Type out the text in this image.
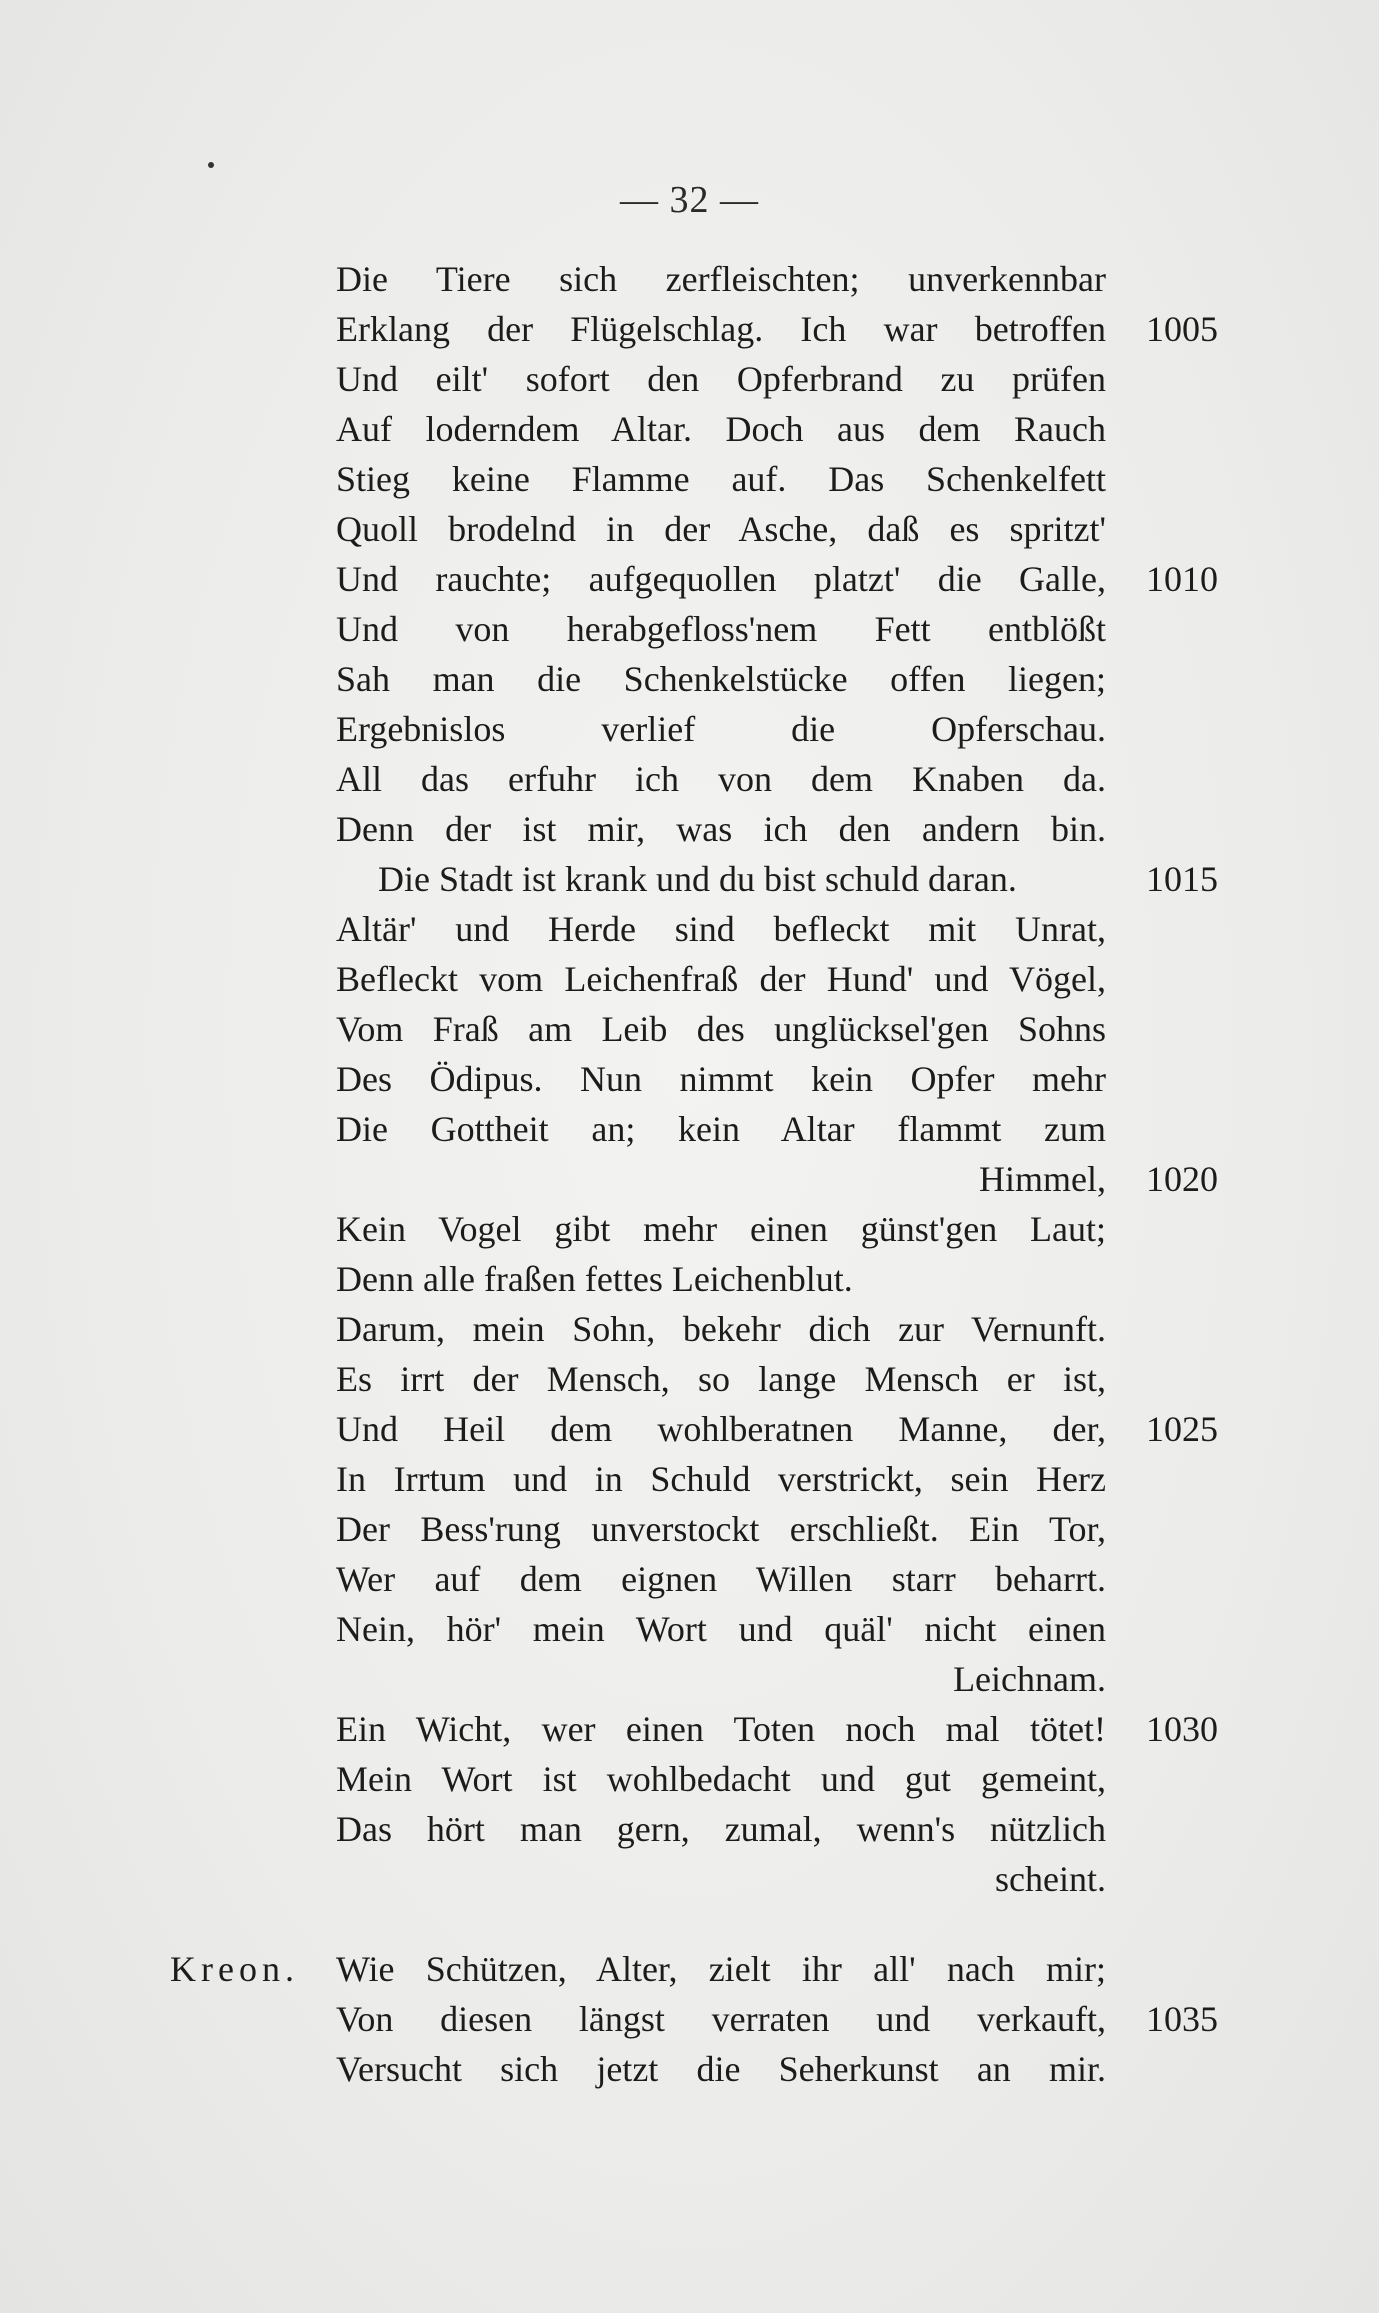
— 32 —
Die Tiere sich zerfleischten; unverkennbar
Erklang der Flügelschlag. Ich war betroffen	1005
Und eilt' sofort den Opferbrand zu prüfen
Auf loderndem Altar. Doch aus dem Rauch
Stieg keine Flamme auf. Das Schenkelfett
Quoll brodelnd in der Asche, daß es spritzt'
Und rauchte; aufgequollen platzt' die Galle,	1010
Und von herabgefloss'nem Fett entblößt
Sah man die Schenkelstücke offen liegen;
Ergebnislos verlief die Opferschau.
All das erfuhr ich von dem Knaben da.
Denn der ist mir, was ich den andern bin.
Die Stadt ist krank und du bist schuld daran.	1015
Altär' und Herde sind befleckt mit Unrat,
Befleckt vom Leichenfraß der Hund' und Vögel,
Vom Fraß am Leib des unglücksel'gen Sohns
Des Ödipus. Nun nimmt kein Opfer mehr
Die Gottheit an; kein Altar flammt zum
Himmel,	1020
Kein Vogel gibt mehr einen günst'gen Laut;
Denn alle fraßen fettes Leichenblut.
Darum, mein Sohn, bekehr dich zur Vernunft.
Es irrt der Mensch, so lange Mensch er ist,
Und Heil dem wohlberatnen Manne, der,	1025
In Irrtum und in Schuld verstrickt, sein Herz
Der Bess'rung unverstockt erschließt. Ein Tor,
Wer auf dem eignen Willen starr beharrt.
Nein, hör' mein Wort und quäl' nicht einen
Leichnam.
Ein Wicht, wer einen Toten noch mal tötet!	1030
Mein Wort ist wohlbedacht und gut gemeint,
Das hört man gern, zumal, wenn's nützlich
scheint.
Wie Schützen, Alter, zielt ihr all' nach mir;
Kreon.
Von diesen längst verraten und verkauft,	1035
Versucht sich jetzt die Seherkunst an mir.
